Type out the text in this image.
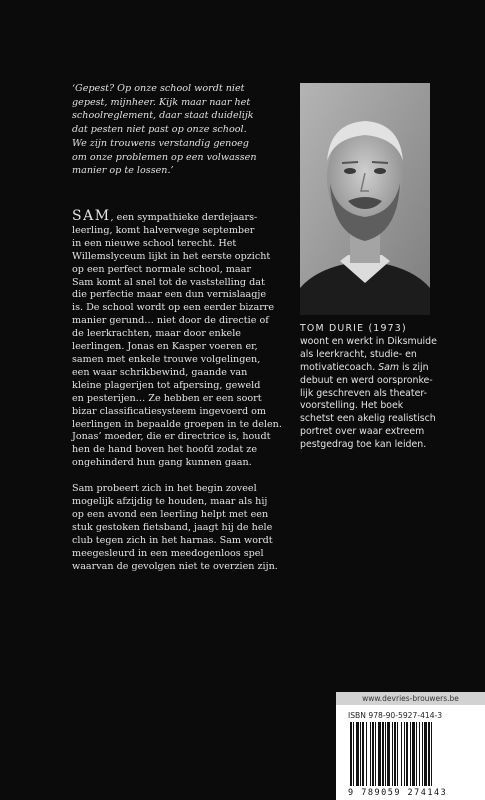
‘Gepest? Op onze school wordt niet
gepest, mijnheer. Kijk maar naar het
schoolreglement, daar staat duidelijk
dat pesten niet past op onze school.
We zijn trouwens verstandig genoeg
om onze problemen op een volwassen
manier op te lossen.’

SAM, een sympathieke derdejaars-
leerling, komt halverwege september
in een nieuwe school terecht. Het
Willemslyceum lijkt in het eerste opzicht
op een perfect normale school, maar
Sam komt al snel tot de vaststelling dat
die perfectie maar een dun vernislaagje
is. De school wordt op een eerder bizarre
manier gerund… niet door de directie of
de leerkrachten, maar door enkele
leerlingen. Jonas en Kasper voeren er,
samen met enkele trouwe volgelingen,
een waar schrikbewind, gaande van
kleine plagerijen tot afpersing, geweld
en pesterijen… Ze hebben er een soort
bizar classificatiesysteem ingevoerd om
leerlingen in bepaalde groepen in te delen.
Jonas’ moeder, die er directrice is, houdt
hen de hand boven het hoofd zodat ze
ongehinderd hun gang kunnen gaan.

Sam probeert zich in het begin zoveel
mogelijk afzijdig te houden, maar als hij
op een avond een leerling helpt met een
stuk gestoken fietsband, jaagt hij de hele
club tegen zich in het harnas. Sam wordt
meegesleurd in een meedogenloos spel
waarvan de gevolgen niet te overzien zijn.

TOM DURIE (1973)
woont en werkt in Diksmuide
als leerkracht, studie- en
motivatiecoach. Sam is zijn
debuut en werd oorspronke-
lijk geschreven als theater-
voorstelling. Het boek
schetst een akelig realistisch
portret over waar extreem
pestgedrag toe kan leiden.

www.devries-brouwers.be
ISBN 978-90-5927-414-3
9 789059 274143
